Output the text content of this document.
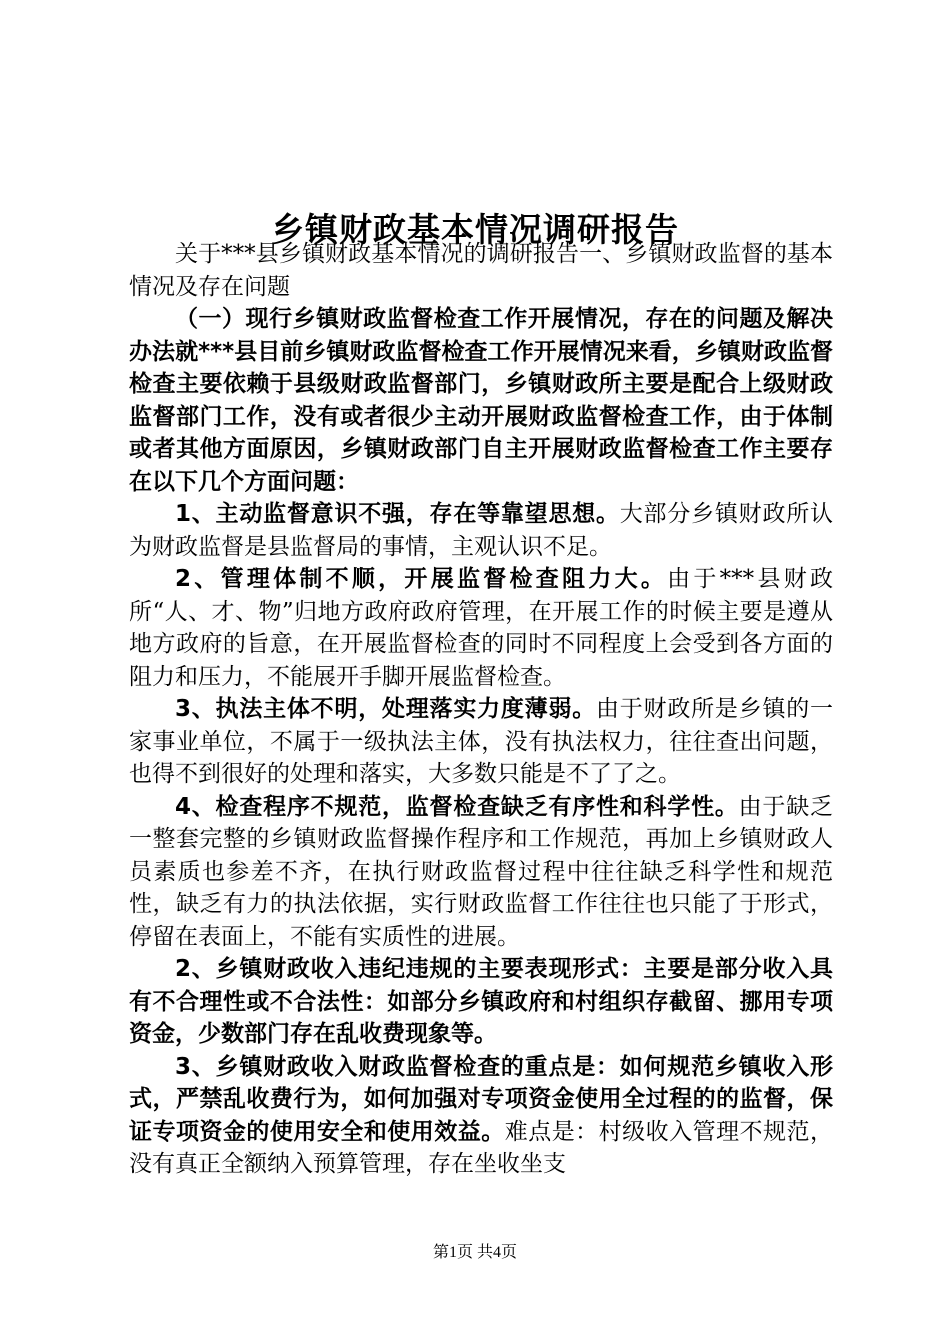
乡镇财政基本情况调研报告

关于***县乡镇财政基本情况的调研报告一、乡镇财政监督的基本情况及存在问题

（一）现行乡镇财政监督检查工作开展情况，存在的问题及解决办法就***县目前乡镇财政监督检查工作开展情况来看，乡镇财政监督检查主要依赖于县级财政监督部门，乡镇财政所主要是配合上级财政监督部门工作，没有或者很少主动开展财政监督检查工作，由于体制或者其他方面原因，乡镇财政部门自主开展财政监督检查工作主要存在以下几个方面问题：

1、主动监督意识不强，存在等靠望思想。大部分乡镇财政所认为财政监督是县监督局的事情，主观认识不足。

2、管理体制不顺，开展监督检查阻力大。由于***县财政所“人、才、物”归地方政府政府管理，在开展工作的时候主要是遵从地方政府的旨意，在开展监督检查的同时不同程度上会受到各方面的阻力和压力，不能展开手脚开展监督检查。

3、执法主体不明，处理落实力度薄弱。由于财政所是乡镇的一家事业单位，不属于一级执法主体，没有执法权力，往往查出问题，也得不到很好的处理和落实，大多数只能是不了了之。

4、检查程序不规范，监督检查缺乏有序性和科学性。由于缺乏一整套完整的乡镇财政监督操作程序和工作规范，再加上乡镇财政人员素质也参差不齐，在执行财政监督过程中往往缺乏科学性和规范性，缺乏有力的执法依据，实行财政监督工作往往也只能了于形式，停留在表面上，不能有实质性的进展。

2、乡镇财政收入违纪违规的主要表现形式：主要是部分收入具有不合理性或不合法性：如部分乡镇政府和村组织存截留、挪用专项资金，少数部门存在乱收费现象等。

3、乡镇财政收入财政监督检查的重点是：如何规范乡镇收入形式，严禁乱收费行为，如何加强对专项资金使用全过程的的监督，保证专项资金的使用安全和使用效益。难点是：村级收入管理不规范，没有真正全额纳入预算管理，存在坐收坐支

第1页 共4页
